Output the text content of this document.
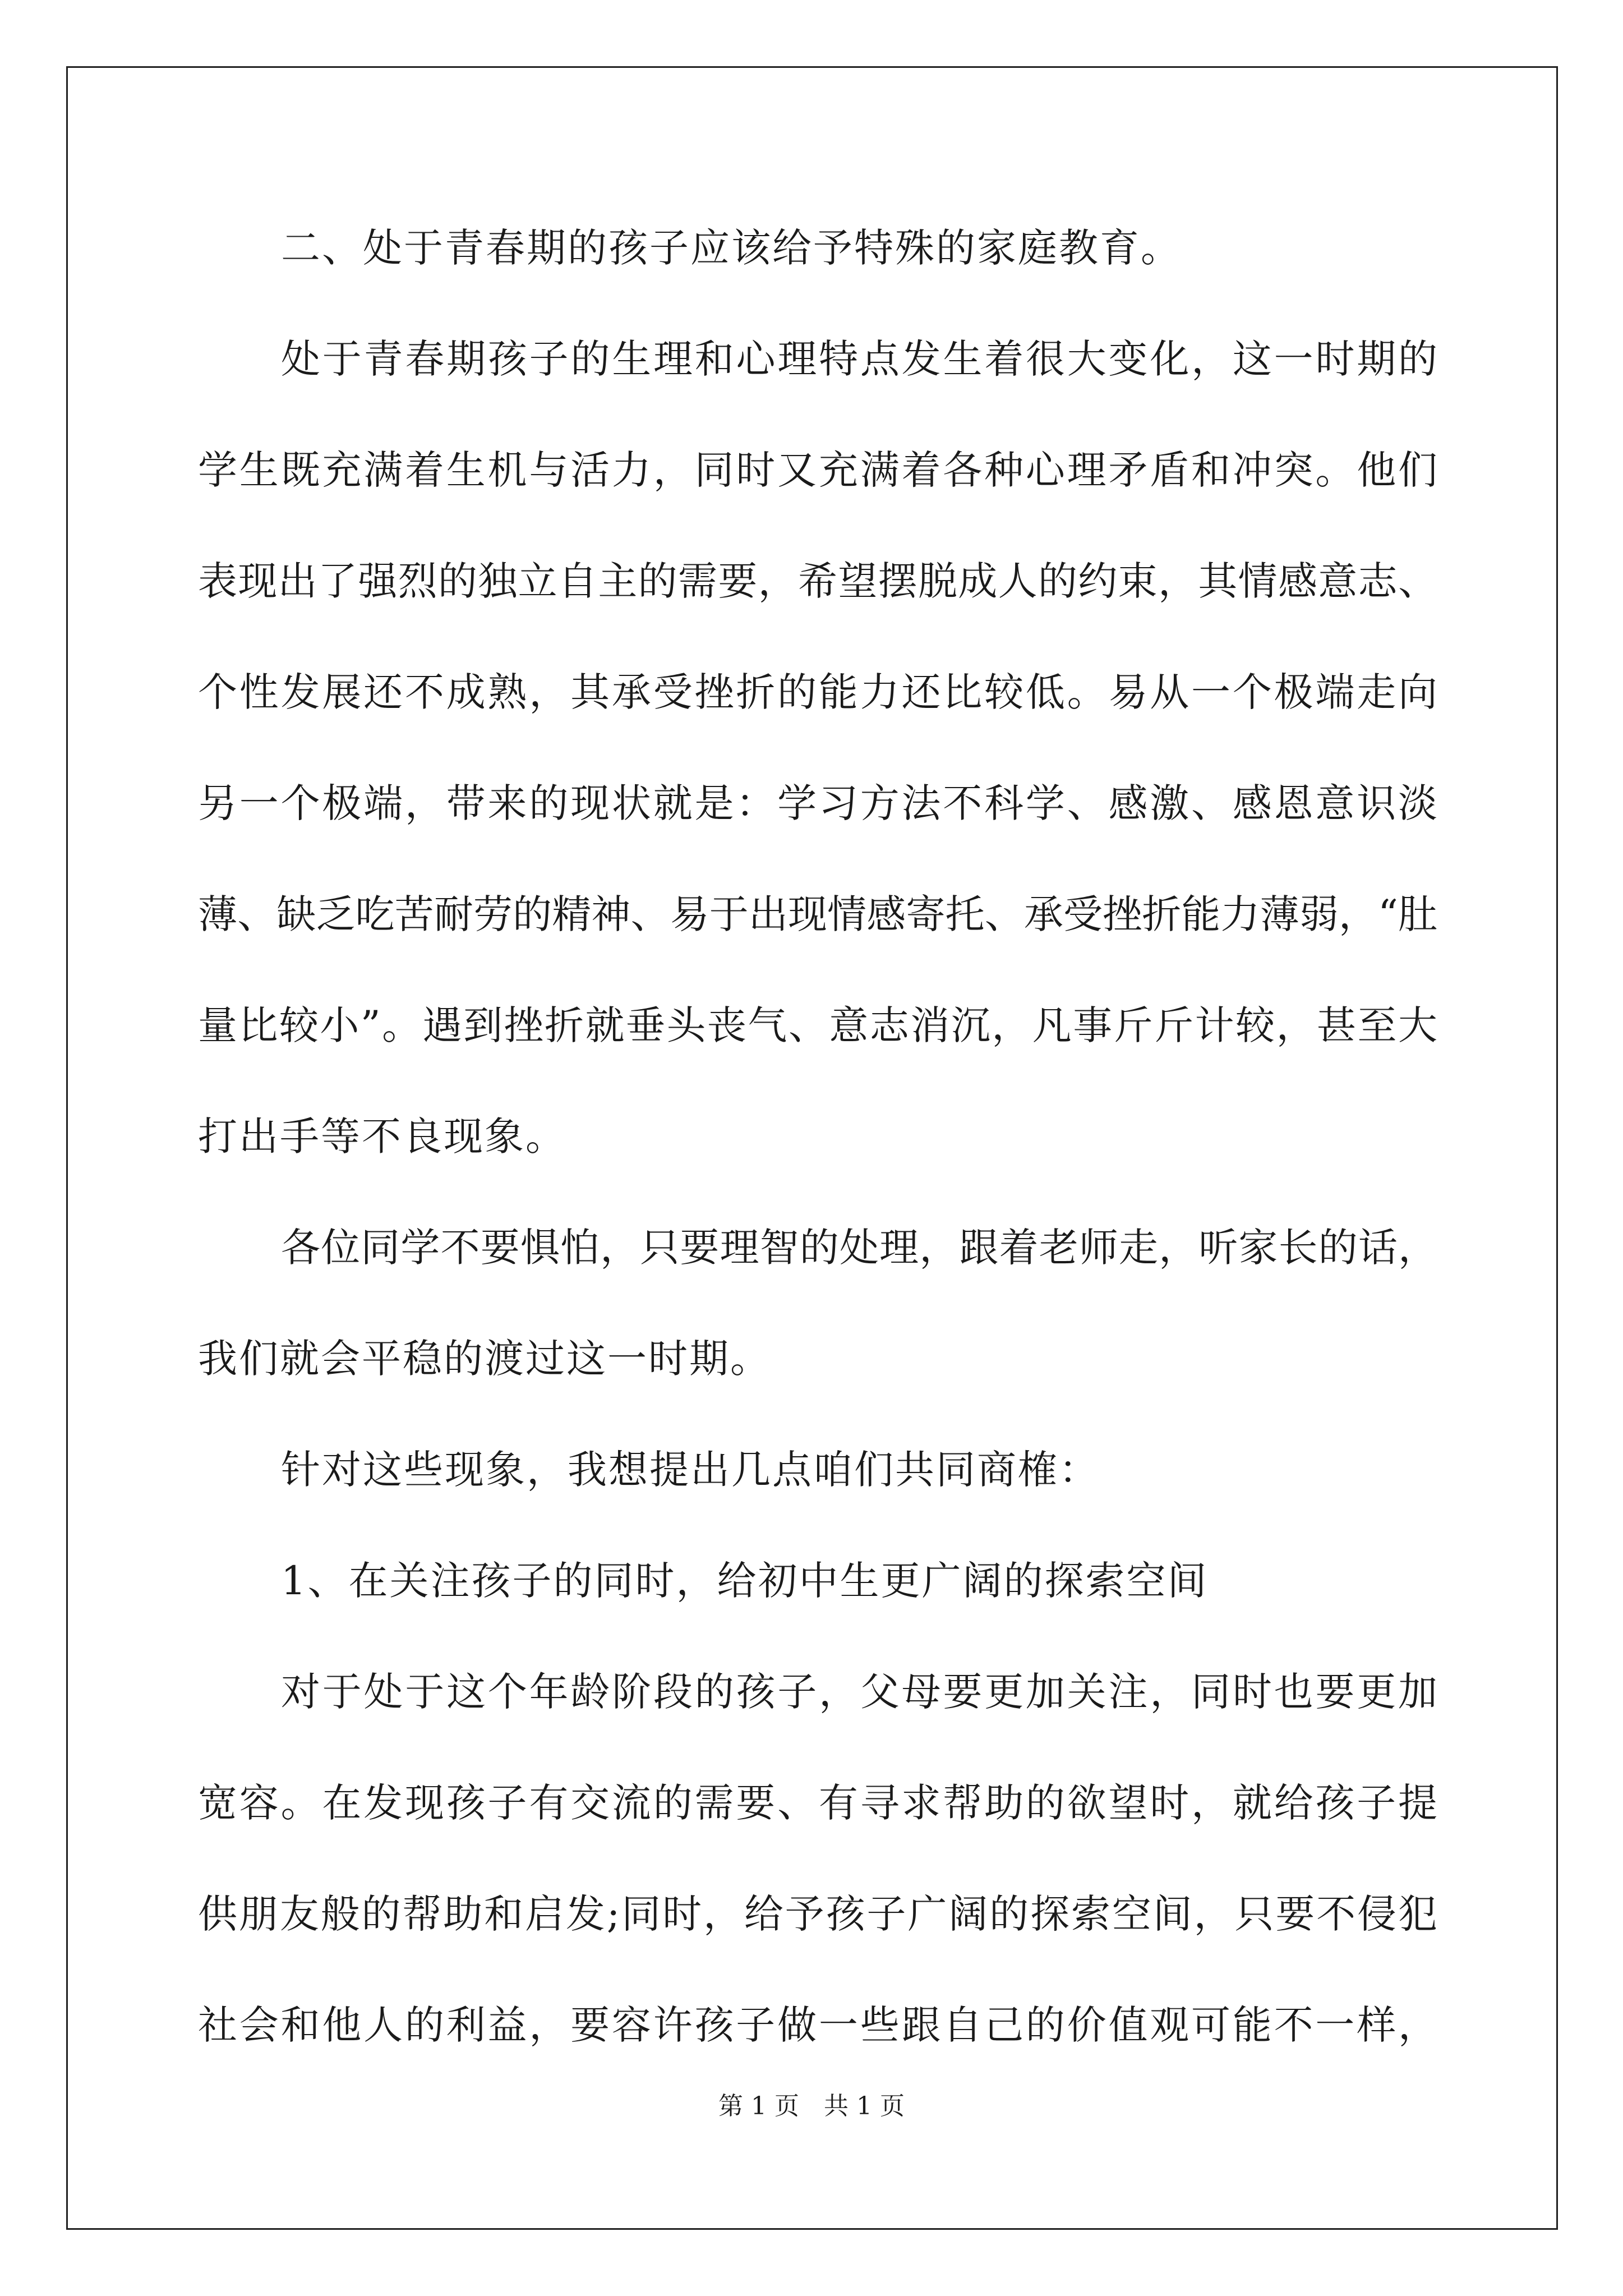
二、处于青春期的孩子应该给予特殊的家庭教育。
处于青春期孩子的生理和心理特点发生着很大变化，这一时期的
学生既充满着生机与活力，同时又充满着各种心理矛盾和冲突。他们
表现出了强烈的独立自主的需要，希望摆脱成人的约束，其情感意志、
个性发展还不成熟，其承受挫折的能力还比较低。易从一个极端走向
另一个极端，带来的现状就是：学习方法不科学、感激、感恩意识淡
薄、缺乏吃苦耐劳的精神、易于出现情感寄托、承受挫折能力薄弱，“肚
量比较小”。遇到挫折就垂头丧气、意志消沉，凡事斤斤计较，甚至大
打出手等不良现象。
各位同学不要惧怕，只要理智的处理，跟着老师走，听家长的话，
我们就会平稳的渡过这一时期。
针对这些现象，我想提出几点咱们共同商榷：
1、在关注孩子的同时，给初中生更广阔的探索空间
对于处于这个年龄阶段的孩子，父母要更加关注，同时也要更加
宽容。在发现孩子有交流的需要、有寻求帮助的欲望时，就给孩子提
供朋友般的帮助和启发;同时，给予孩子广阔的探索空间，只要不侵犯
社会和他人的利益，要容许孩子做一些跟自己的价值观可能不一样，
第 1 页　共 1 页
